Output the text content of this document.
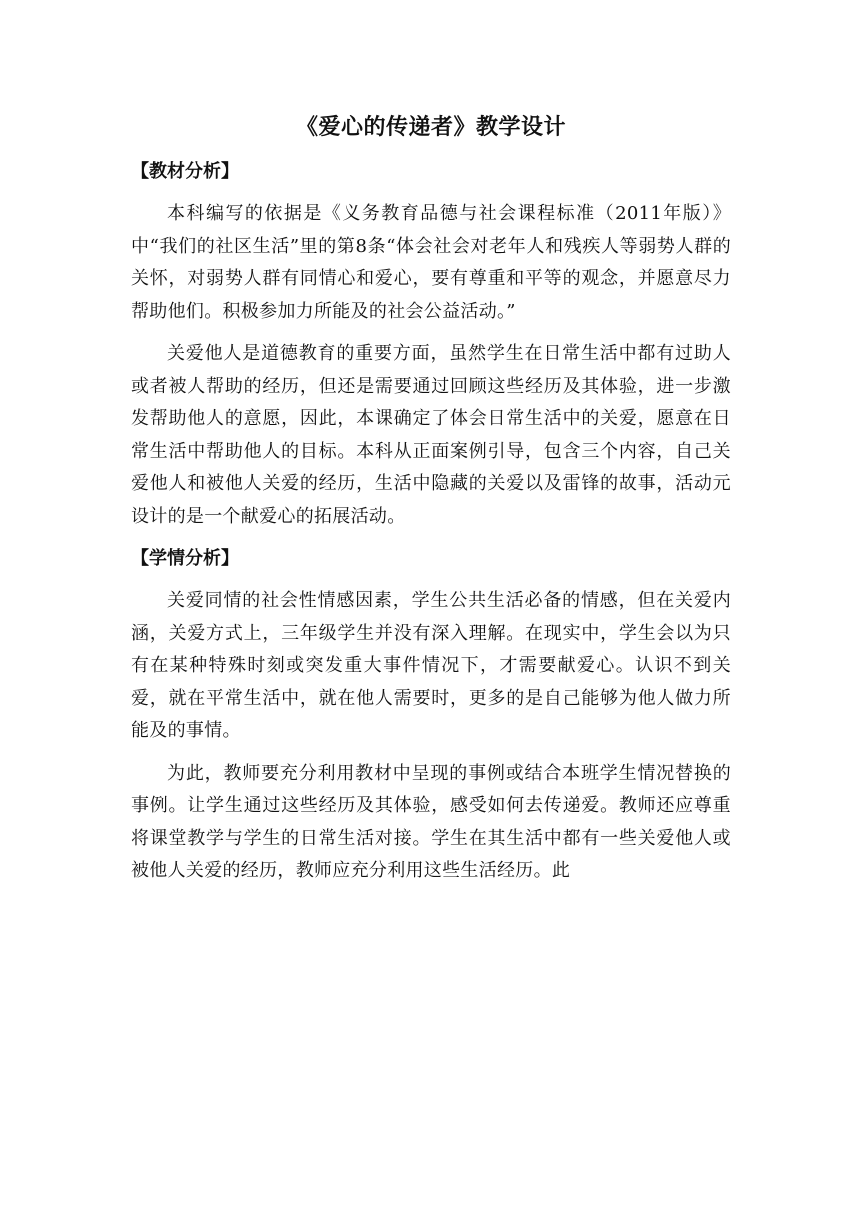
《爱心的传递者》教学设计
【教材分析】

本科编写的依据是《义务教育品德与社会课程标准（2011年版）》中“我们的社区生活”里的第8条“体会社会对老年人和残疾人等弱势人群的关怀，对弱势人群有同情心和爱心，要有尊重和平等的观念，并愿意尽力帮助他们。积极参加力所能及的社会公益活动。”

关爱他人是道德教育的重要方面，虽然学生在日常生活中都有过助人或者被人帮助的经历，但还是需要通过回顾这些经历及其体验，进一步激发帮助他人的意愿，因此，本课确定了体会日常生活中的关爱，愿意在日常生活中帮助他人的目标。本科从正面案例引导，包含三个内容，自己关爱他人和被他人关爱的经历，生活中隐藏的关爱以及雷锋的故事，活动元设计的是一个献爱心的拓展活动。

【学情分析】

关爱同情的社会性情感因素，学生公共生活必备的情感，但在关爱内涵，关爱方式上，三年级学生并没有深入理解。在现实中，学生会以为只有在某种特殊时刻或突发重大事件情况下，才需要献爱心。认识不到关爱，就在平常生活中，就在他人需要时，更多的是自己能够为他人做力所能及的事情。

为此，教师要充分利用教材中呈现的事例或结合本班学生情况替换的事例。让学生通过这些经历及其体验，感受如何去传递爱。教师还应尊重将课堂教学与学生的日常生活对接。学生在其生活中都有一些关爱他人或被他人关爱的经历，教师应充分利用这些生活经历。此
